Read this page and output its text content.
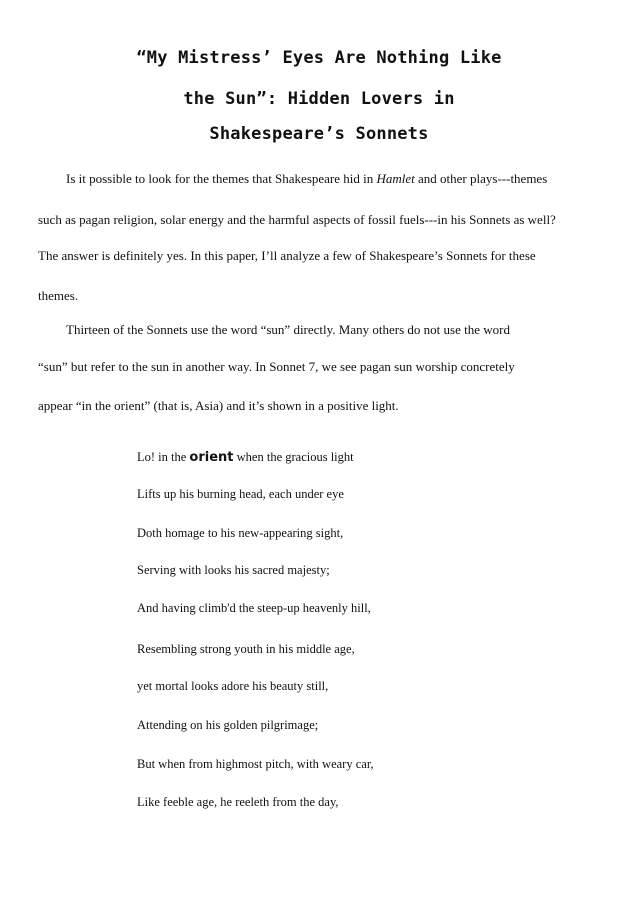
“My Mistress’ Eyes Are Nothing Like
the Sun”: Hidden Lovers in
Shakespeare’s Sonnets
Is it possible to look for the themes that Shakespeare hid in Hamlet and other plays---themes
such as pagan religion, solar energy and the harmful aspects of fossil fuels---in his Sonnets as well?
The answer is definitely yes. In this paper, I’ll analyze a few of Shakespeare’s Sonnets for these
themes.
Thirteen of the Sonnets use the word “sun” directly. Many others do not use the word
“sun” but refer to the sun in another way. In Sonnet 7, we see pagan sun worship concretely
appear “in the orient” (that is, Asia) and it’s shown in a positive light.
Lo! in the orient when the gracious light
Lifts up his burning head, each under eye
Doth homage to his new-appearing sight,
Serving with looks his sacred majesty;
And having climb'd the steep-up heavenly hill,
Resembling strong youth in his middle age,
yet mortal looks adore his beauty still,
Attending on his golden pilgrimage;
But when from highmost pitch, with weary car,
Like feeble age, he reeleth from the day,
